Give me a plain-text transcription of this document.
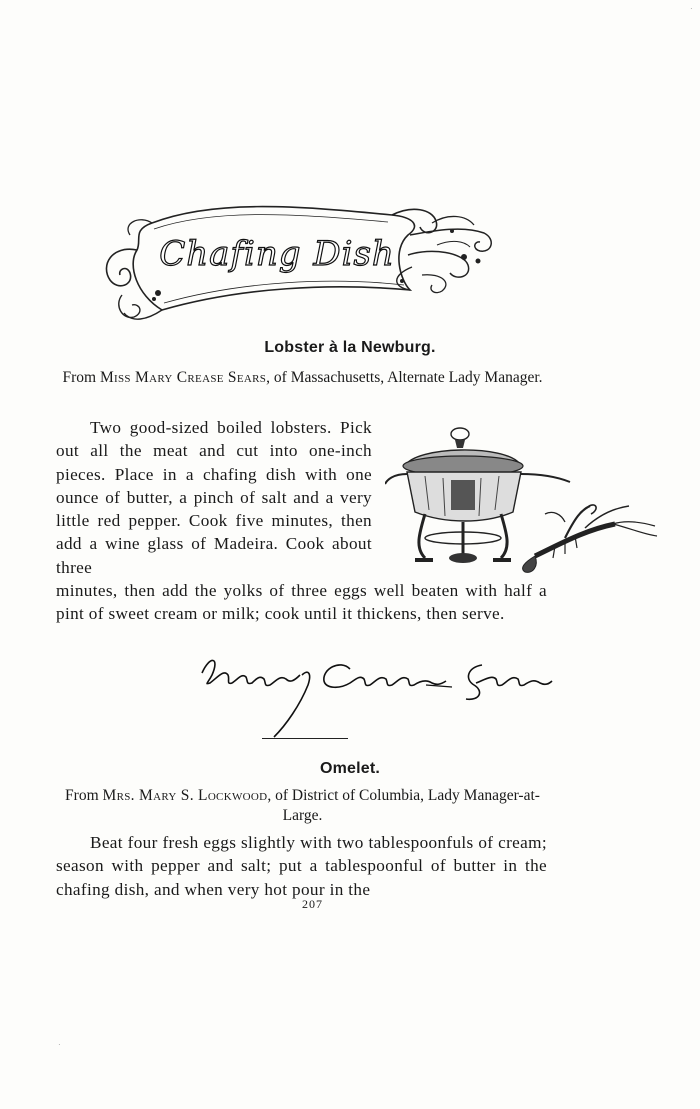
Chafing Dish
Lobster à la Newburg.
From Miss Mary Crease Sears, of Massachusetts, Alternate Lady Manager.

Two good-sized boiled lobsters. Pick out all the meat and cut into one-inch pieces. Place in a chafing dish with one ounce of butter, a pinch of salt and a very little red pepper. Cook five minutes, then add a wine glass of Madeira. Cook about three

minutes, then add the yolks of three eggs well beaten with half a pint of sweet cream or milk; cook until it thickens, then serve.

Omelet.
From Mrs. Mary S. Lockwood, of District of Columbia, Lady Manager-at-Large.

Beat four fresh eggs slightly with two tablespoonfuls of cream; season with pepper and salt; put a tablespoonful of butter in the chafing dish, and when very hot pour in the

207
·
·
